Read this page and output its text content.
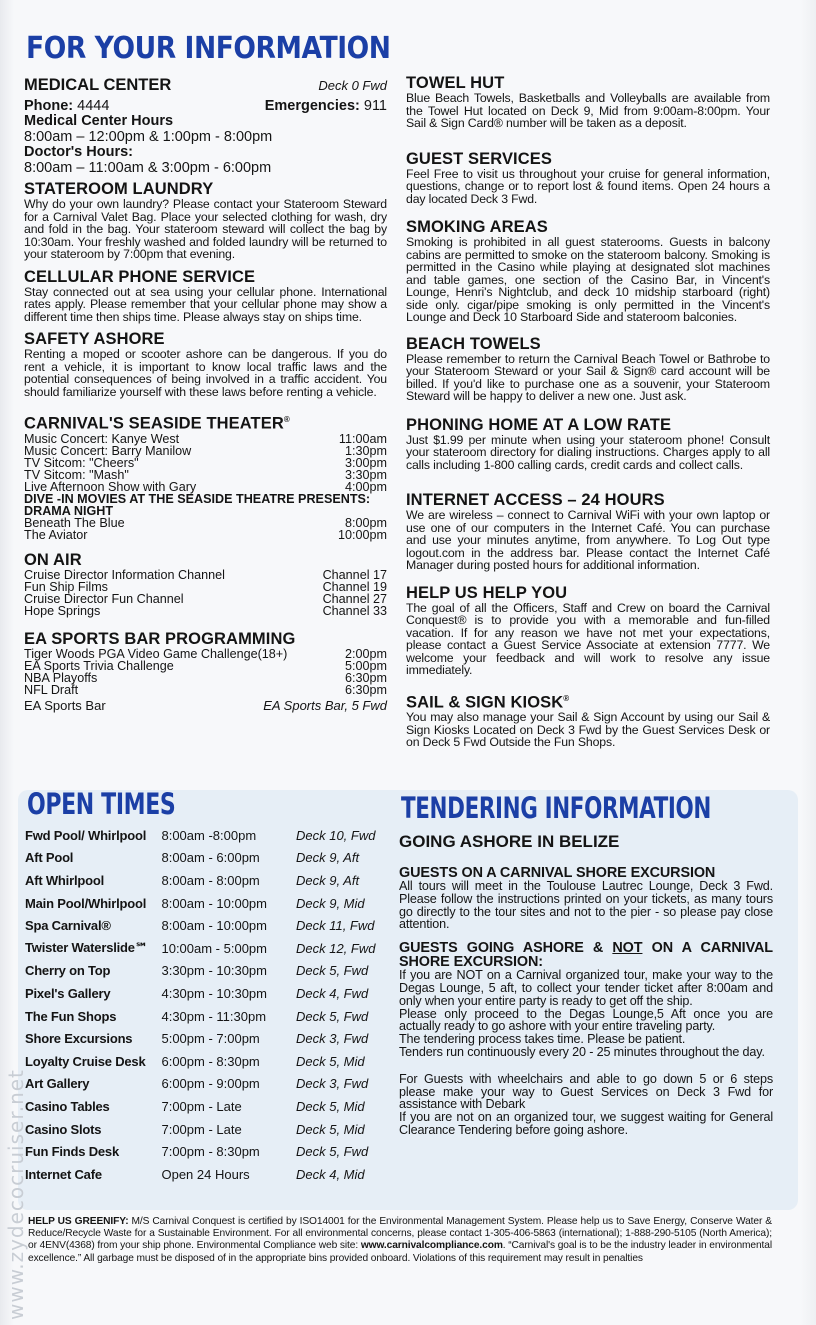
FOR YOUR INFORMATION
MEDICAL CENTER	Deck 0 Fwd
Phone: 4444	Emergencies: 911
Medical Center Hours
8:00am – 12:00pm & 1:00pm - 8:00pm
Doctor's Hours:
8:00am – 11:00am & 3:00pm - 6:00pm
STATEROOM LAUNDRY
Why do your own laundry? Please contact your Stateroom Steward for a Carnival Valet Bag. Place your selected clothing for wash, dry and fold in the bag. Your stateroom steward will collect the bag by 10:30am. Your freshly washed and folded laundry will be returned to your stateroom by 7:00pm that evening.
CELLULAR PHONE SERVICE
Stay connected out at sea using your cellular phone. International rates apply. Please remember that your cellular phone may show a different time then ships time. Please always stay on ships time.
SAFETY ASHORE
Renting a moped or scooter ashore can be dangerous. If you do rent a vehicle, it is important to know local traffic laws and the potential consequences of being involved in a traffic accident. You should familiarize yourself with these laws before renting a vehicle.
CARNIVAL'S SEASIDE THEATER®
Music Concert: Kanye West	11:00am
Music Concert: Barry Manilow	1:30pm
TV Sitcom: "Cheers"	3:00pm
TV Sitcom: "Mash"	3:30pm
Live Afternoon Show with Gary	4:00pm
DIVE -IN MOVIES AT THE SEASIDE THEATRE PRESENTS:
DRAMA NIGHT
Beneath The Blue	8:00pm
The Aviator	10:00pm
ON AIR
Cruise Director Information Channel	Channel 17
Fun Ship Films	Channel 19
Cruise Director Fun Channel	Channel 27
Hope Springs	Channel 33
EA SPORTS BAR PROGRAMMING
Tiger Woods PGA Video Game Challenge(18+)	2:00pm
EA Sports Trivia Challenge	5:00pm
NBA Playoffs	6:30pm
NFL Draft	6:30pm
EA Sports Bar	EA Sports Bar, 5 Fwd
TOWEL HUT
Blue Beach Towels, Basketballs and Volleyballs are available from the Towel Hut located on Deck 9, Mid from 9:00am-8:00pm. Your Sail & Sign Card® number will be taken as a deposit.
GUEST SERVICES
Feel Free to visit us throughout your cruise for general information, questions, change or to report lost & found items. Open 24 hours a day located Deck 3 Fwd.
SMOKING AREAS
Smoking is prohibited in all guest staterooms. Guests in balcony cabins are permitted to smoke on the stateroom balcony. Smoking is permitted in the Casino while playing at designated slot machines and table games, one section of the Casino Bar, in Vincent's Lounge, Henri's Nightclub, and deck 10 midship starboard (right) side only. cigar/pipe smoking is only permitted in the Vincent's Lounge and Deck 10 Starboard Side and stateroom balconies.
BEACH TOWELS
Please remember to return the Carnival Beach Towel or Bathrobe to your Stateroom Steward or your Sail & Sign® card account will be billed. If you'd like to purchase one as a souvenir, your Stateroom Steward will be happy to deliver a new one. Just ask.
PHONING HOME AT A LOW RATE
Just $1.99 per minute when using your stateroom phone! Consult your stateroom directory for dialing instructions. Charges apply to all calls including 1-800 calling cards, credit cards and collect calls.
INTERNET ACCESS – 24 HOURS
We are wireless – connect to Carnival WiFi with your own laptop or use one of our computers in the Internet Café. You can purchase and use your minutes anytime, from anywhere. To Log Out type logout.com in the address bar. Please contact the Internet Café Manager during posted hours for additional information.
HELP US HELP YOU
The goal of all the Officers, Staff and Crew on board the Carnival Conquest® is to provide you with a memorable and fun-filled vacation. If for any reason we have not met your expectations, please contact a Guest Service Associate at extension 7777. We welcome your feedback and will work to resolve any issue immediately.
SAIL & SIGN KIOSK®
You may also manage your Sail & Sign Account by using our Sail & Sign Kiosks Located on Deck 3 Fwd by the Guest Services Desk or on Deck 5 Fwd Outside the Fun Shops.
OPEN TIMES	TENDERING INFORMATION
Fwd Pool/ Whirlpool	8:00am -8:00pm	Deck 10, Fwd
Aft Pool	8:00am - 6:00pm	Deck 9, Aft
Aft Whirlpool	8:00am - 8:00pm	Deck 9, Aft
Main Pool/Whirlpool	8:00am - 10:00pm	Deck 9, Mid
Spa Carnival®	8:00am - 10:00pm	Deck 11, Fwd
Twister Waterslide℠	10:00am - 5:00pm	Deck 12, Fwd
Cherry on Top	3:30pm - 10:30pm	Deck 5, Fwd
Pixel's Gallery	4:30pm - 10:30pm	Deck 4, Fwd
The Fun Shops	4:30pm - 11:30pm	Deck 5, Fwd
Shore Excursions	5:00pm - 7:00pm	Deck 3, Fwd
Loyalty Cruise Desk	6:00pm - 8:30pm	Deck 5, Mid
Art Gallery	6:00pm - 9:00pm	Deck 3, Fwd
Casino Tables	7:00pm - Late	Deck 5, Mid
Casino Slots	7:00pm - Late	Deck 5, Mid
Fun Finds Desk	7:00pm - 8:30pm	Deck 5, Fwd
Internet Cafe	Open 24 Hours	Deck 4, Mid
GOING ASHORE IN BELIZE
GUESTS ON A CARNIVAL SHORE EXCURSION
All tours will meet in the Toulouse Lautrec Lounge, Deck 3 Fwd. Please follow the instructions printed on your tickets, as many tours go directly to the tour sites and not to the pier - so please pay close attention.
GUESTS GOING ASHORE & NOT ON A CARNIVAL SHORE EXCURSION:
If you are NOT on a Carnival organized tour, make your way to the Degas Lounge, 5 aft, to collect your tender ticket after 8:00am and only when your entire party is ready to get off the ship.
Please only proceed to the Degas Lounge,5 Aft once you are actually ready to go ashore with your entire traveling party.
The tendering process takes time. Please be patient.
Tenders run continuously every 20 - 25 minutes throughout the day.
For Guests with wheelchairs and able to go down 5 or 6 steps please make your way to Guest Services on Deck 3 Fwd for assistance with Debark
If you are not on an organized tour, we suggest waiting for General Clearance Tendering before going ashore.
HELP US GREENIFY: M/S Carnival Conquest is certified by ISO14001 for the Environmental Management System. Please help us to Save Energy, Conserve Water & Reduce/Recycle Waste for a Sustainable Environment. For all environmental concerns, please contact 1-305-406-5863 (international); 1-888-290-5105 (North America); or 4ENV(4368) from your ship phone. Environmental Compliance web site: www.carnivalcompliance.com. “Carnival's goal is to be the industry leader in environmental excellence.” All garbage must be disposed of in the appropriate bins provided onboard. Violations of this requirement may result in penalties
www.zydecocruiser.net
